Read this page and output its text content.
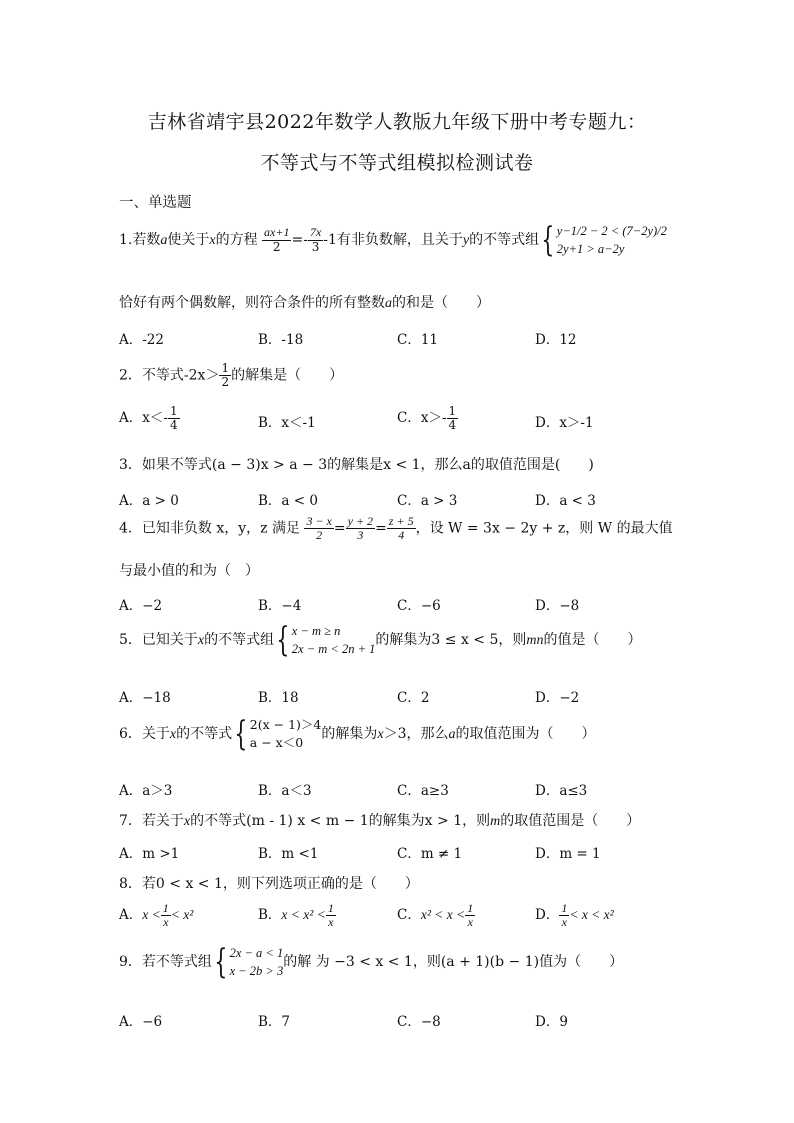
吉林省靖宇县2022年数学人教版九年级下册中考专题九：
不等式与不等式组模拟检测试卷
一、单选题
1.若数a使关于x的方程 $\frac{ax+1}{2} =- \frac{7x}{3} -1$有非负数解，且关于y的不等式组{ y−1/2 − 2 < (7−2y)/2
2y+1 > a−2y
恰好有两个偶数解，则符合条件的所有整数a的和是（　　）
A．-22	B．-18	C．11	D．12
2．不等式$-2x> \frac{1}{2}$ 的解集是（　　）
A．$x<- \frac{1}{4}$	B．x＜-1	C．$x>- \frac{1}{4}$	D．x＞-1
3．如果不等式(a − 3)x > a − 3的解集是x < 1，那么a的取值范围是(　　)
A．a > 0	B．a < 0	C．a > 3	D．a < 3
4．已知非负数 x，y，z 满足 $\frac{3 - x}{2} = \frac{y + 2}{3} = \frac{z + 5}{4}$ ，设 W = 3x − 2y + z，则 W 的最大值
与最小值的和为（　）
A．−2	B．−4	C．−6	D．−8
5．已知关于x的不等式组{ x − m ≥ n
2x − m < 2n + 1
的解集为3 ≤ x < 5，则mn的值是（　　）
A．−18	B．18	C．2	D．−2
6．关于x的不等式{ 2(x − 1)＞4
a − x＜0
的解集为x＞3，那么a的取值范围为（　　）
A．a＞3	B．a＜3	C．a≥3	D．a≤3
7．若关于x的不等式(m - 1) x < m − 1的解集为x > 1，则m的取值范围是（　　）
A．m >1	B．m <1	C．m ≠ 1	D．m = 1
8．若0 < x < 1，则下列选项正确的是（　　）
A．$x < \frac{1}{x} < x^2$	B．$x < x^2 < \frac{1}{x}$	C．$x^2 < x < \frac{1}{x}$	D． $\frac{1}{x} < x < x^2$
9．若不等式组{ 2x − a < 1
x − 2b > 3
的解 为 −3 < x < 1，则(a + 1)(b − 1)值为（　　）
A．−6	B．7	C．−8	D．9
